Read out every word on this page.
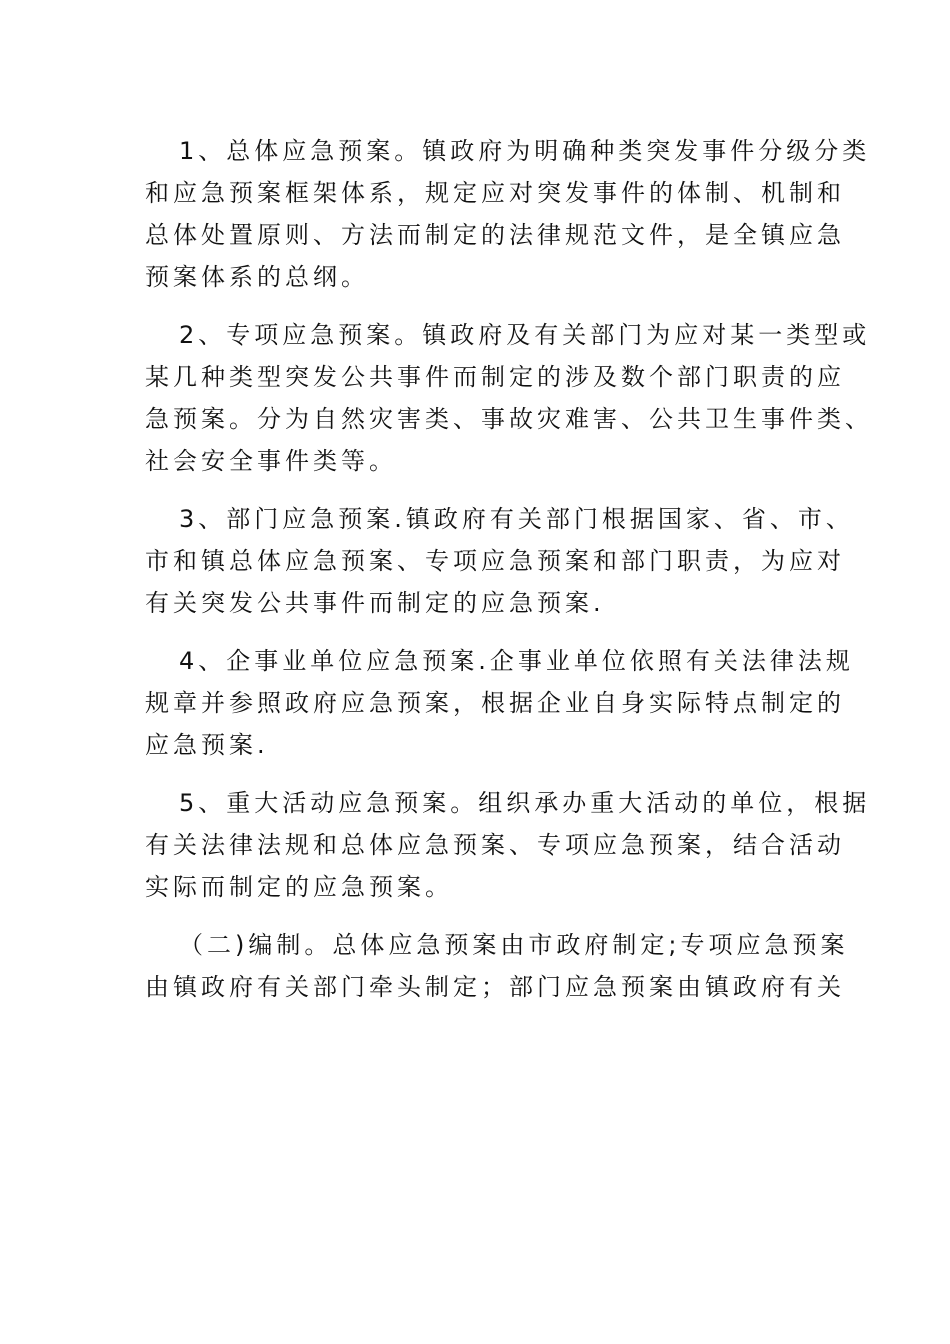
1、总体应急预案。镇政府为明确种类突发事件分级分类
和应急预案框架体系，规定应对突发事件的体制、机制和
总体处置原则、方法而制定的法律规范文件，是全镇应急
预案体系的总纲。
2、专项应急预案。镇政府及有关部门为应对某一类型或
某几种类型突发公共事件而制定的涉及数个部门职责的应
急预案。分为自然灾害类、事故灾难害、公共卫生事件类、
社会安全事件类等。
3、部门应急预案.镇政府有关部门根据国家、省、市、
市和镇总体应急预案、专项应急预案和部门职责，为应对
有关突发公共事件而制定的应急预案.
4、企事业单位应急预案.企事业单位依照有关法律法规
规章并参照政府应急预案，根据企业自身实际特点制定的
应急预案.
5、重大活动应急预案。组织承办重大活动的单位，根据
有关法律法规和总体应急预案、专项应急预案，结合活动
实际而制定的应急预案。
（二)编制。总体应急预案由市政府制定;专项应急预案
由镇政府有关部门牵头制定；部门应急预案由镇政府有关
